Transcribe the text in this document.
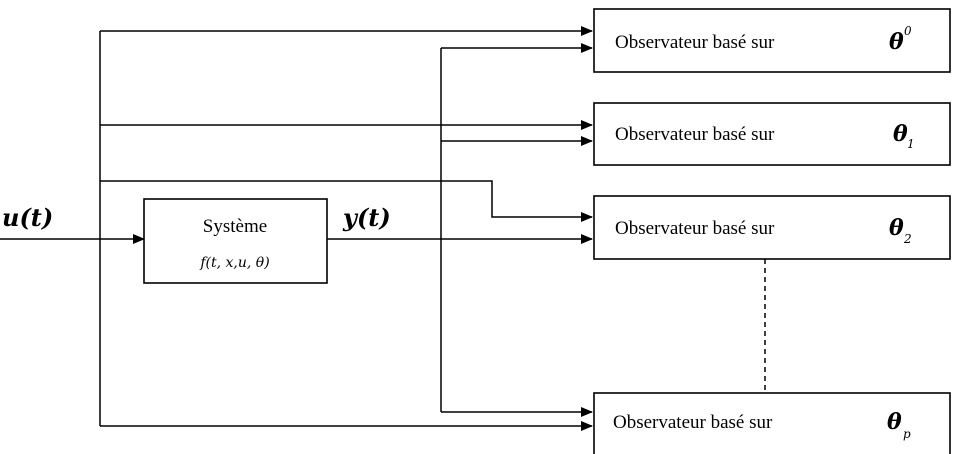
u(t)	Système
f(t, x,u, θ)
y(t)
Observateur basé sur	θ 0
Observateur basé sur	θ 1
Observateur basé sur	θ 2
Observateur basé sur	θ p
